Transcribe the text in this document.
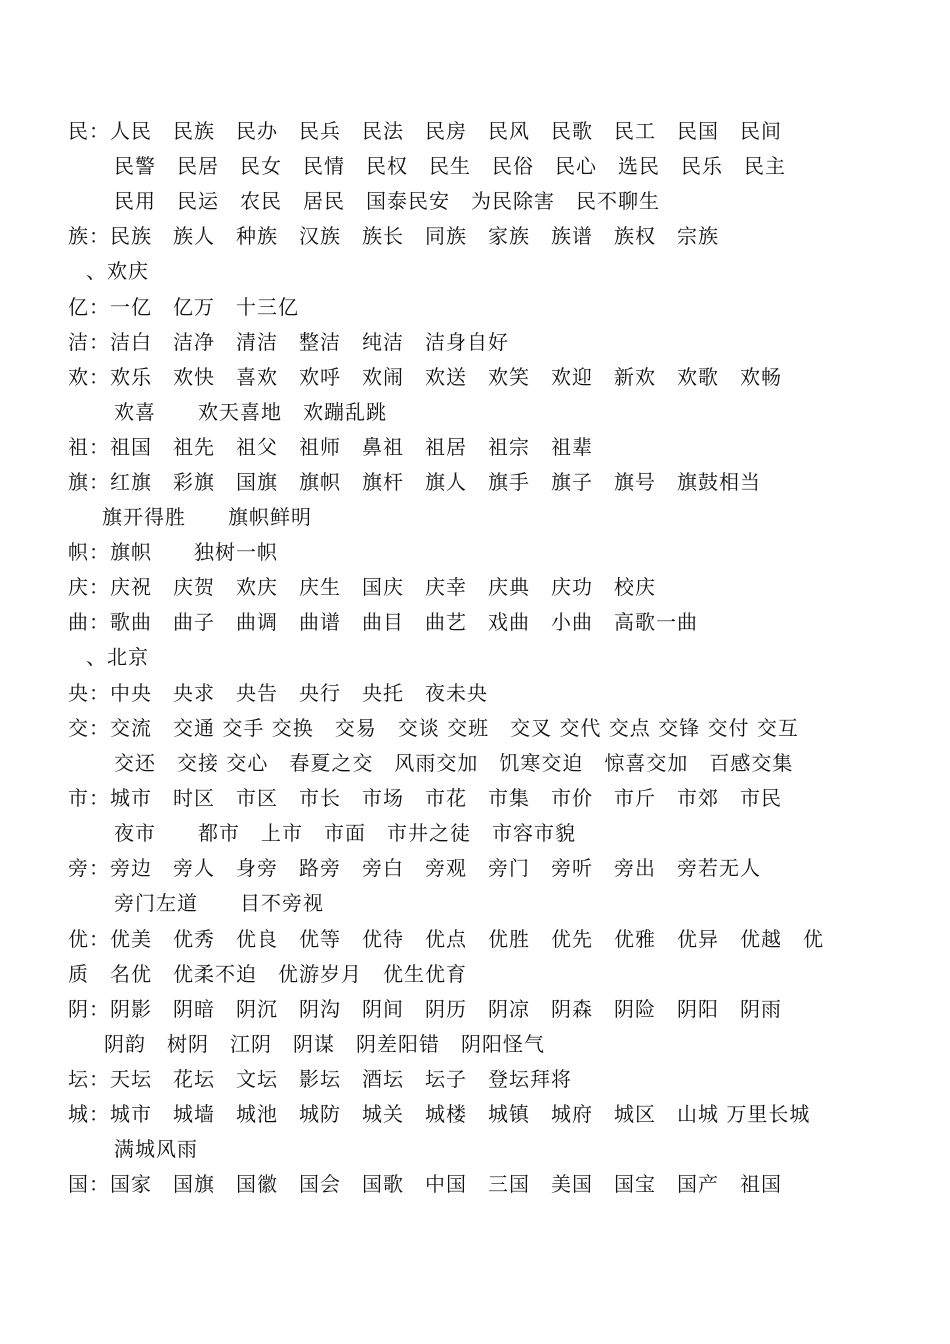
民：人民　民族　民办　民兵　民法　民房　民风　民歌　民工　民国　民间
民警　民居　民女　民情　民权　民生　民俗　民心　选民　民乐　民主
民用　民运　农民　居民　国泰民安　为民除害　民不聊生
族：民族　族人　种族　汉族　族长　同族　家族　族谱　族权　宗族
、欢庆
亿：一亿　亿万　十三亿
洁：洁白　洁净　清洁　整洁　纯洁　洁身自好
欢：欢乐　欢快　喜欢　欢呼　欢闹　欢送　欢笑　欢迎　新欢　欢歌　欢畅
欢喜　　欢天喜地　欢蹦乱跳
祖：祖国　祖先　祖父　祖师　鼻祖　祖居　祖宗　祖辈
旗：红旗　彩旗　国旗　旗帜　旗杆　旗人　旗手　旗子　旗号　旗鼓相当
旗开得胜　　旗帜鲜明
帜：旗帜　　独树一帜
庆：庆祝　庆贺　欢庆　庆生　国庆　庆幸　庆典　庆功　校庆
曲：歌曲　曲子　曲调　曲谱　曲目　曲艺　戏曲　小曲　高歌一曲
、北京
央：中央　央求　央告　央行　央托　夜未央
交：交流　交通 交手 交换　交易　交谈 交班　交叉 交代 交点 交锋 交付 交互
交还　交接 交心　春夏之交　风雨交加　饥寒交迫　惊喜交加　百感交集
市：城市　时区　市区　市长　市场　市花　市集　市价　市斤　市郊　市民
夜市　　都市　上市　市面　市井之徒　市容市貌
旁：旁边　旁人　身旁　路旁　旁白　旁观　旁门　旁听　旁出　旁若无人
旁门左道　　目不旁视
优：优美　优秀　优良　优等　优待　优点　优胜　优先　优雅　优异　优越　优
质　名优　优柔不迫　优游岁月　优生优育
阴：阴影　阴暗　阴沉　阴沟　阴间　阴历　阴凉　阴森　阴险　阴阳　阴雨
阴韵　树阴　江阴　阴谋　阴差阳错　阴阳怪气
坛：天坛　花坛　文坛　影坛　酒坛　坛子　登坛拜将
城：城市　城墙　城池　城防　城关　城楼　城镇　城府　城区　山城 万里长城
满城风雨
国：国家　国旗　国徽　国会　国歌　中国　三国　美国　国宝　国产　祖国
